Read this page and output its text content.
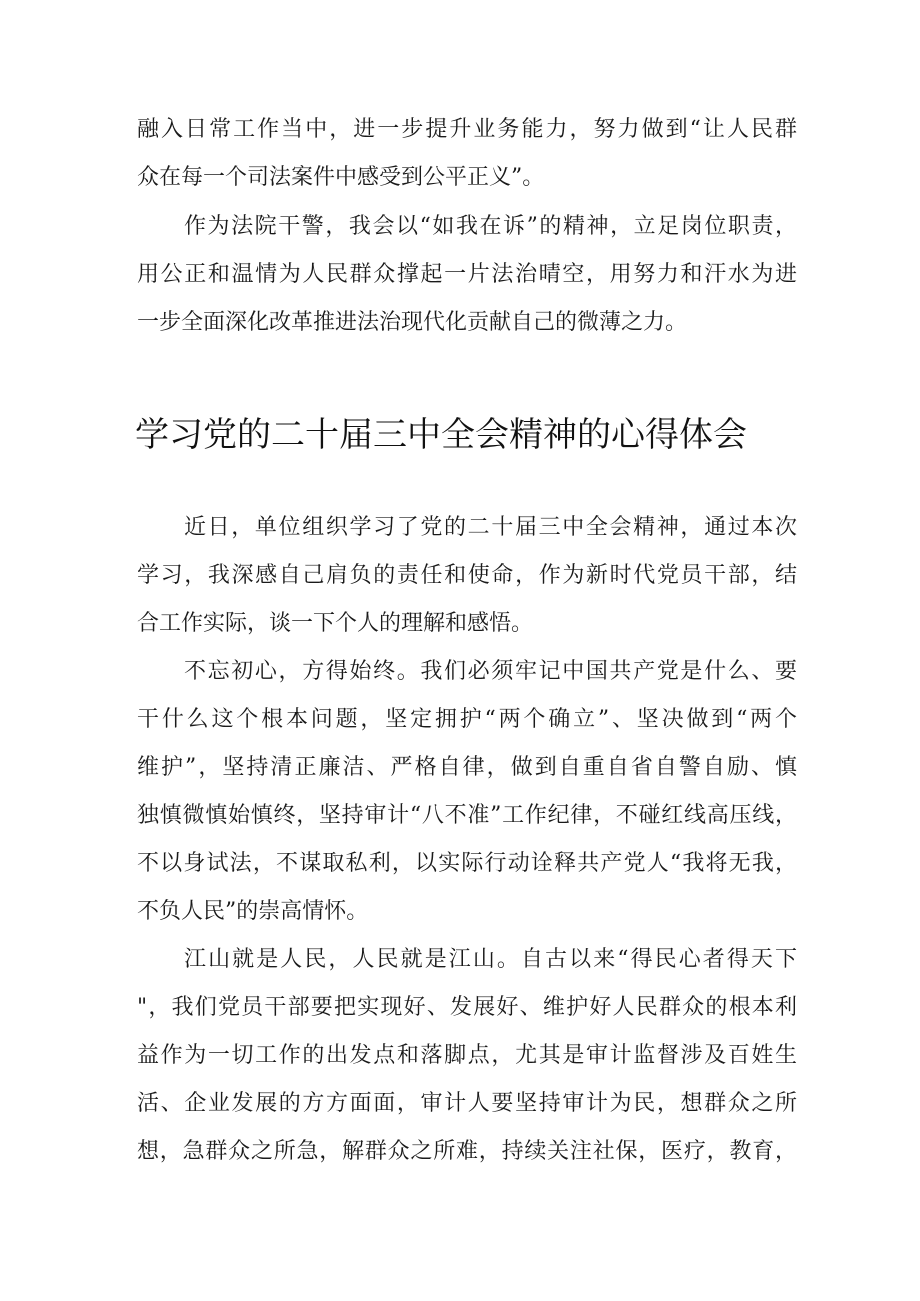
融入日常工作当中，进一步提升业务能力，努力做到“让人民群
众在每一个司法案件中感受到公平正义”。
作为法院干警，我会以“如我在诉”的精神，立足岗位职责，
用公正和温情为人民群众撑起一片法治晴空，用努力和汗水为进
一步全面深化改革推进法治现代化贡献自己的微薄之力。
学习党的二十届三中全会精神的心得体会
近日，单位组织学习了党的二十届三中全会精神，通过本次
学习，我深感自己肩负的责任和使命，作为新时代党员干部，结
合工作实际，谈一下个人的理解和感悟。
不忘初心，方得始终。我们必须牢记中国共产党是什么、要
干什么这个根本问题，坚定拥护“两个确立”、坚决做到“两个
维护”，坚持清正廉洁、严格自律，做到自重自省自警自励、慎
独慎微慎始慎终，坚持审计“八不准”工作纪律，不碰红线高压线，
不以身试法，不谋取私利，以实际行动诠释共产党人“我将无我，
不负人民”的崇高情怀。
江山就是人民，人民就是江山。自古以来“得民心者得天下
"，我们党员干部要把实现好、发展好、维护好人民群众的根本利
益作为一切工作的出发点和落脚点，尤其是审计监督涉及百姓生
活、企业发展的方方面面，审计人要坚持审计为民，想群众之所
想，急群众之所急，解群众之所难，持续关注社保，医疗，教育，
